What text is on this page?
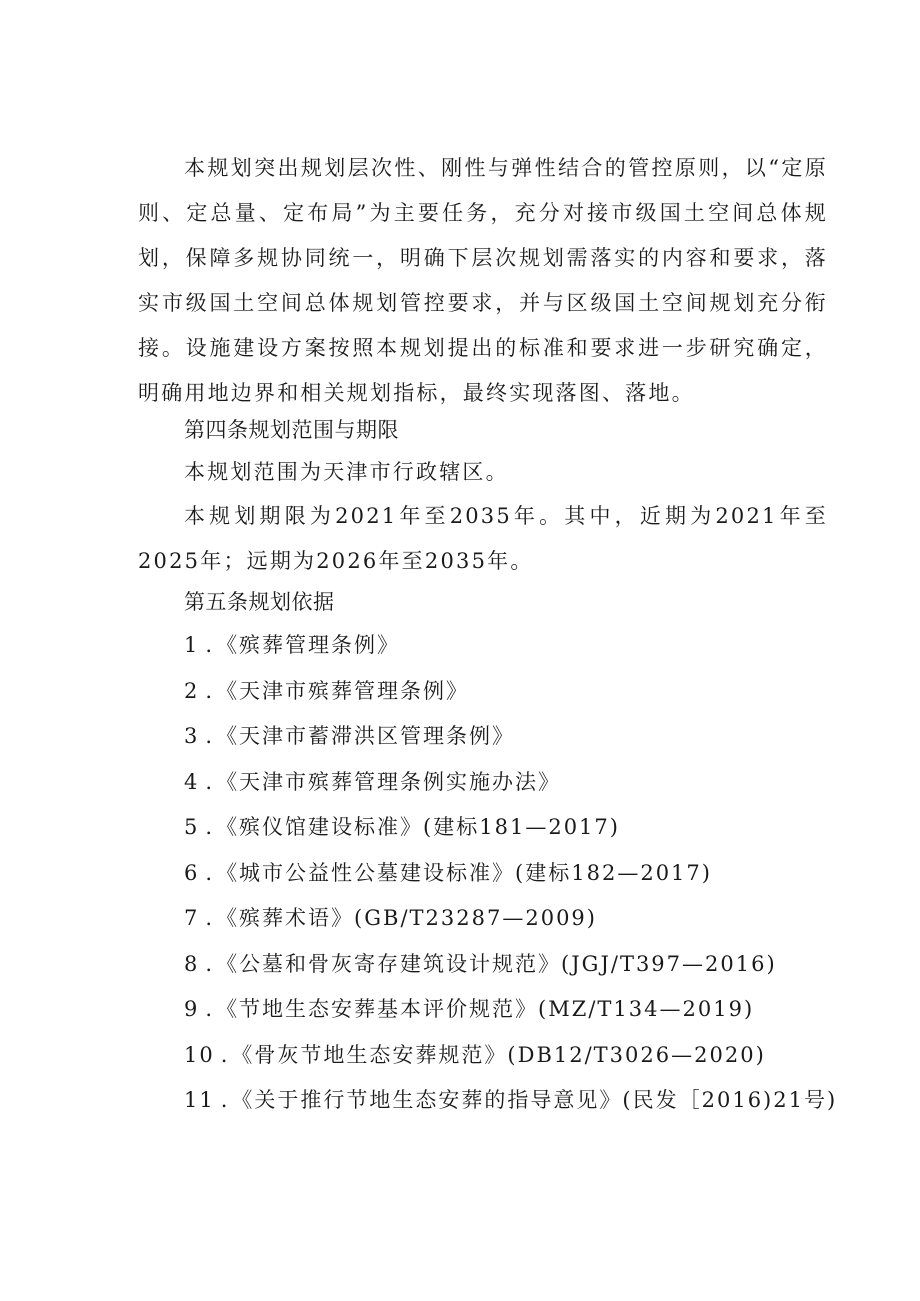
本规划突出规划层次性、刚性与弹性结合的管控原则，以“定原则、定总量、定布局”为主要任务，充分对接市级国土空间总体规划，保障多规协同统一，明确下层次规划需落实的内容和要求，落实市级国土空间总体规划管控要求，并与区级国土空间规划充分衔接。设施建设方案按照本规划提出的标准和要求进一步研究确定，明确用地边界和相关规划指标，最终实现落图、落地。

第四条规划范围与期限

本规划范围为天津市行政辖区。

本规划期限为2021年至2035年。其中，近期为2021年至2025年；远期为2026年至2035年。

第五条规划依据

1 .《殡葬管理条例》
2 .《天津市殡葬管理条例》
3 .《天津市蓄滞洪区管理条例》
4 .《天津市殡葬管理条例实施办法》
5 .《殡仪馆建设标准》(建标181—2017)
6 .《城市公益性公墓建设标准》(建标182—2017)
7 .《殡葬术语》(GB/T23287—2009)
8 .《公墓和骨灰寄存建筑设计规范》(JGJ/T397—2016)
9 .《节地生态安葬基本评价规范》(MZ/T134—2019)
10 .《骨灰节地生态安葬规范》(DB12/T3026—2020)
11 .《关于推行节地生态安葬的指导意见》(民发［2016)21号)
